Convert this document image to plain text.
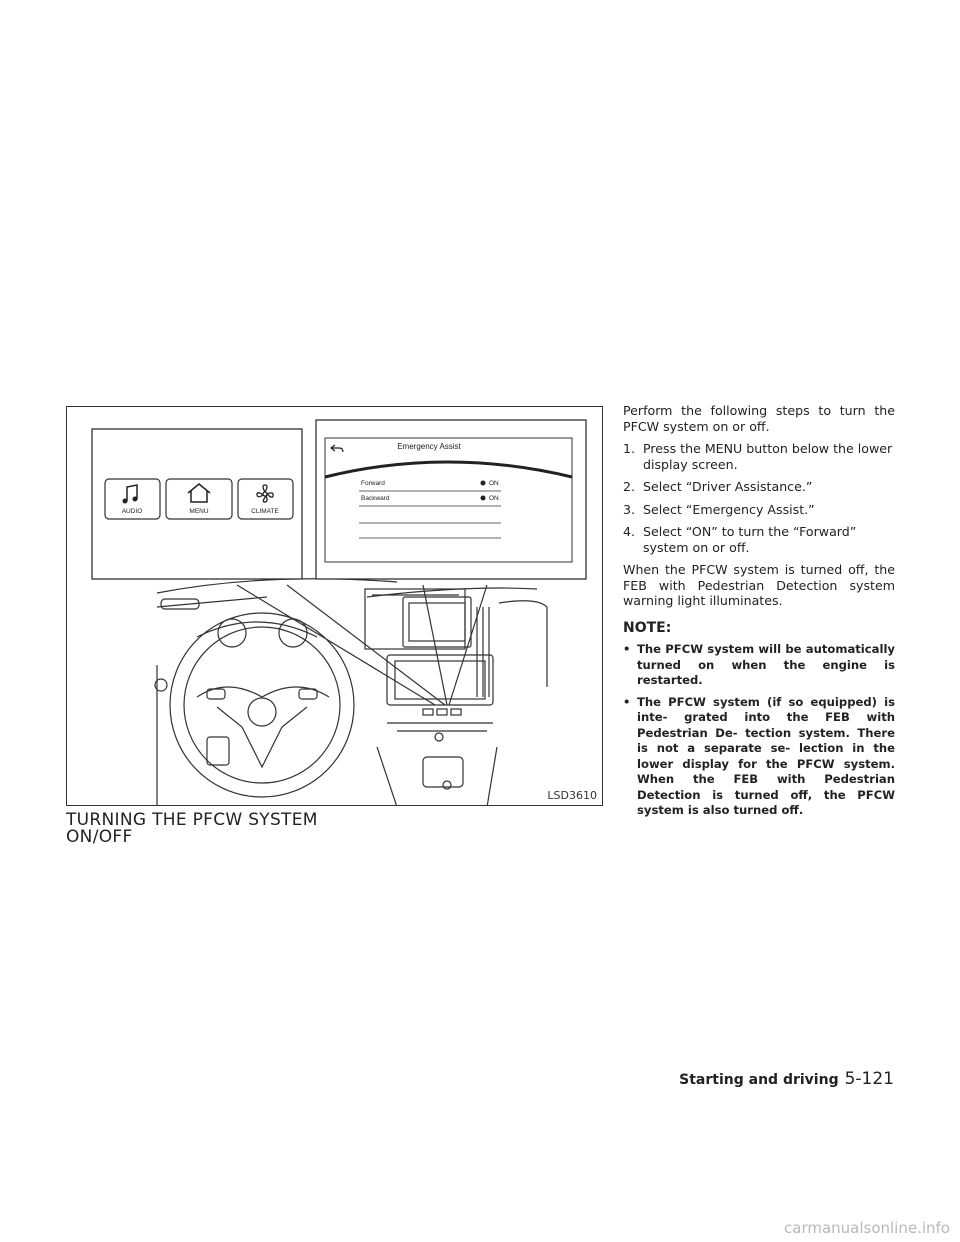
AUDIO	MENU	CLIMATE
Emergency Assist
Forward	ON
Backward	ON
LSD3610
TURNING THE PFCW SYSTEM
ON/OFF

Perform the following steps to turn the PFCW system on or off.

1. Press the MENU button below the lower display screen.
2. Select “Driver Assistance.”
3. Select “Emergency Assist.”
4. Select “ON” to turn the “Forward” system on or off.

When the PFCW system is turned off, the FEB with Pedestrian Detection system warning light illuminates.

NOTE:
• The PFCW system will be automatically turned on when the engine is restarted.
• The PFCW system (if so equipped) is inte- grated into the FEB with Pedestrian De- tection system. There is not a separate se- lection in the lower display for the PFCW system. When the FEB with Pedestrian Detection is turned off, the PFCW system is also turned off.
Starting and driving 5-121
carmanualsonline.info
